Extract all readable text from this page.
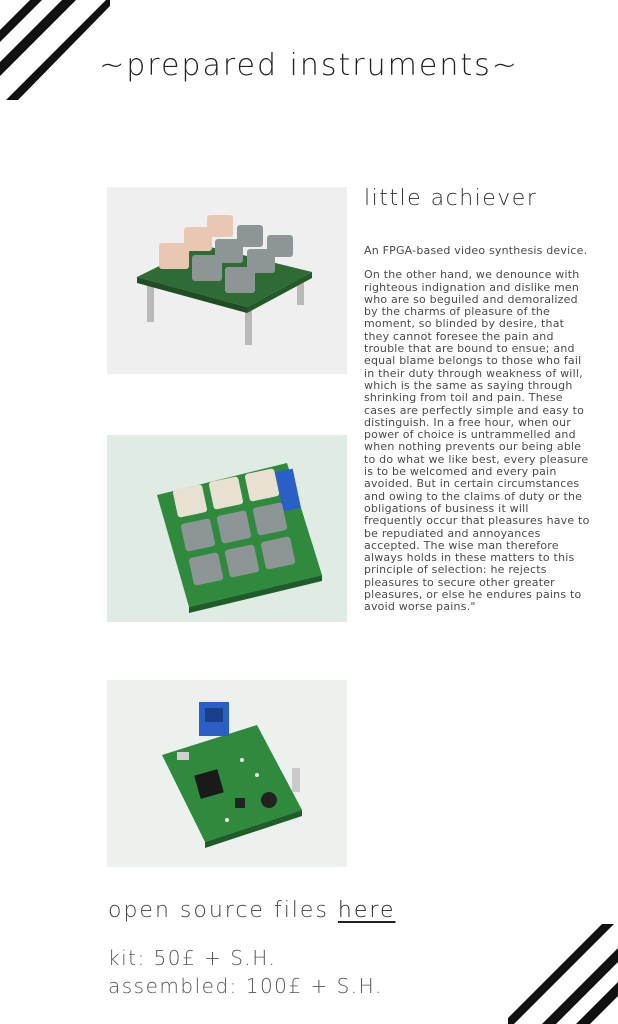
~prepared instruments~
little achiever

An FPGA-based video synthesis device.

On the other hand, we denounce with righteous indignation and dislike men who are so beguiled and demoralized by the charms of pleasure of the moment, so blinded by desire, that they cannot foresee the pain and trouble that are bound to ensue; and equal blame belongs to those who fail in their duty through weakness of will, which is the same as saying through shrinking from toil and pain. These cases are perfectly simple and easy to distinguish. In a free hour, when our power of choice is untrammelled and when nothing prevents our being able to do what we like best, every pleasure is to be welcomed and every pain avoided. But in certain circumstances and owing to the claims of duty or the obligations of business it will frequently occur that pleasures have to be repudiated and annoyances accepted. The wise man therefore always holds in these matters to this principle of selection: he rejects pleasures to secure other greater pleasures, or else he endures pains to avoid worse pains."

open source files here
kit: 50£ + S.H.
assembled: 100£ + S.H.
